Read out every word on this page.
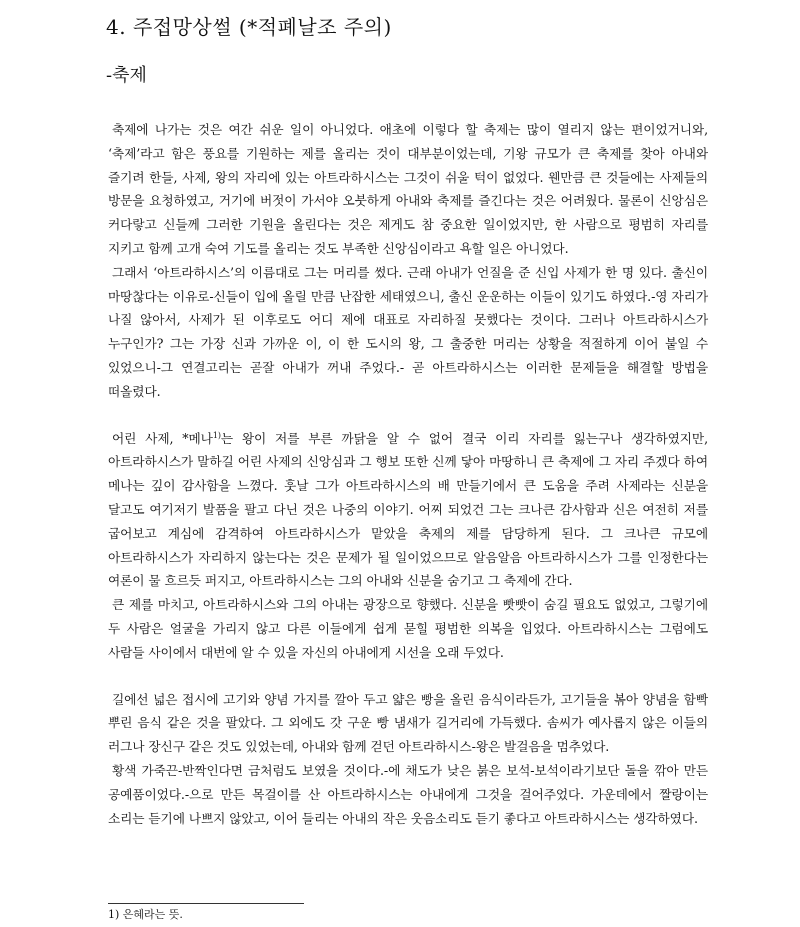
4. 주접망상썰 (*적폐날조 주의)
-축제

축제에 나가는 것은 여간 쉬운 일이 아니었다. 애초에 이렇다 할 축제는 많이 열리지 않는 편이었거니와, ‘축제’라고 함은 풍요를 기원하는 제를 올리는 것이 대부분이었는데, 기왕 규모가 큰 축제를 찾아 아내와 즐기려 한들, 사제, 왕의 자리에 있는 아트라하시스는 그것이 쉬울 턱이 없었다. 웬만큼 큰 것들에는 사제들의 방문을 요청하였고, 거기에 버젓이 가서야 오붓하게 아내와 축제를 즐긴다는 것은 어려웠다. 물론이 신앙심은 커다랗고 신들께 그러한 기원을 올린다는 것은 제게도 참 중요한 일이었지만, 한 사람으로 평범히 자리를 지키고 함께 고개 숙여 기도를 올리는 것도 부족한 신앙심이라고 욕할 일은 아니었다.

그래서 ‘아트라하시스’의 이름대로 그는 머리를 썼다. 근래 아내가 언질을 준 신입 사제가 한 명 있다. 출신이 마땅찮다는 이유로-신들이 입에 올릴 만큼 난잡한 세태였으니, 출신 운운하는 이들이 있기도 하였다.-영 자리가 나질 않아서, 사제가 된 이후로도 어디 제에 대표로 자리하질 못했다는 것이다. 그러나 아트라하시스가 누구인가? 그는 가장 신과 가까운 이, 이 한 도시의 왕, 그 출중한 머리는 상황을 적절하게 이어 붙일 수 있었으니-그 연결고리는 곧잘 아내가 꺼내 주었다.- 곧 아트라하시스는 이러한 문제들을 해결할 방법을 떠올렸다.

어린 사제, *메나$^{1)}$는 왕이 저를 부른 까닭을 알 수 없어 결국 이리 자리를 잃는구나 생각하였지만, 아트라하시스가 말하길 어린 사제의 신앙심과 그 행보 또한 신께 닿아 마땅하니 큰 축제에 그 자리 주겠다 하여 메나는 깊이 감사함을 느꼈다. 훗날 그가 아트라하시스의 배 만들기에서 큰 도움을 주려 사제라는 신분을 달고도 여기저기 발품을 팔고 다닌 것은 나중의 이야기. 어찌 되었건 그는 크나큰 감사함과 신은 여전히 저를 굽어보고 계심에 감격하여 아트라하시스가 맡았을 축제의 제를 담당하게 된다. 그 크나큰 규모에 아트라하시스가 자리하지 않는다는 것은 문제가 될 일이었으므로 알음알음 아트라하시스가 그를 인정한다는 여론이 물 흐르듯 퍼지고, 아트라하시스는 그의 아내와 신분을 숨기고 그 축제에 간다.

큰 제를 마치고, 아트라하시스와 그의 아내는 광장으로 향했다. 신분을 빳빳이 숨길 필요도 없었고, 그렇기에 두 사람은 얼굴을 가리지 않고 다른 이들에게 쉽게 묻힐 평범한 의복을 입었다. 아트라하시스는 그럼에도 사람들 사이에서 대번에 알 수 있을 자신의 아내에게 시선을 오래 두었다.

길에선 넓은 접시에 고기와 양념 가지를 깔아 두고 얇은 빵을 올린 음식이라든가, 고기들을 볶아 양념을 함빡 뿌린 음식 같은 것을 팔았다. 그 외에도 갓 구운 빵 냄새가 길거리에 가득했다. 솜씨가 예사롭지 않은 이들의 러그나 장신구 같은 것도 있었는데, 아내와 함께 걷던 아트라하시스-왕은 발걸음을 멈추었다.

황색 가죽끈-반짝인다면 금처럼도 보였을 것이다.-에 채도가 낮은 붉은 보석-보석이라기보단 돌을 깎아 만든 공예품이었다.-으로 만든 목걸이를 산 아트라하시스는 아내에게 그것을 걸어주었다. 가운데에서 짤랑이는 소리는 듣기에 나쁘지 않았고, 이어 들리는 아내의 작은 웃음소리도 듣기 좋다고 아트라하시스는 생각하였다.

1) 은혜라는 뜻.
